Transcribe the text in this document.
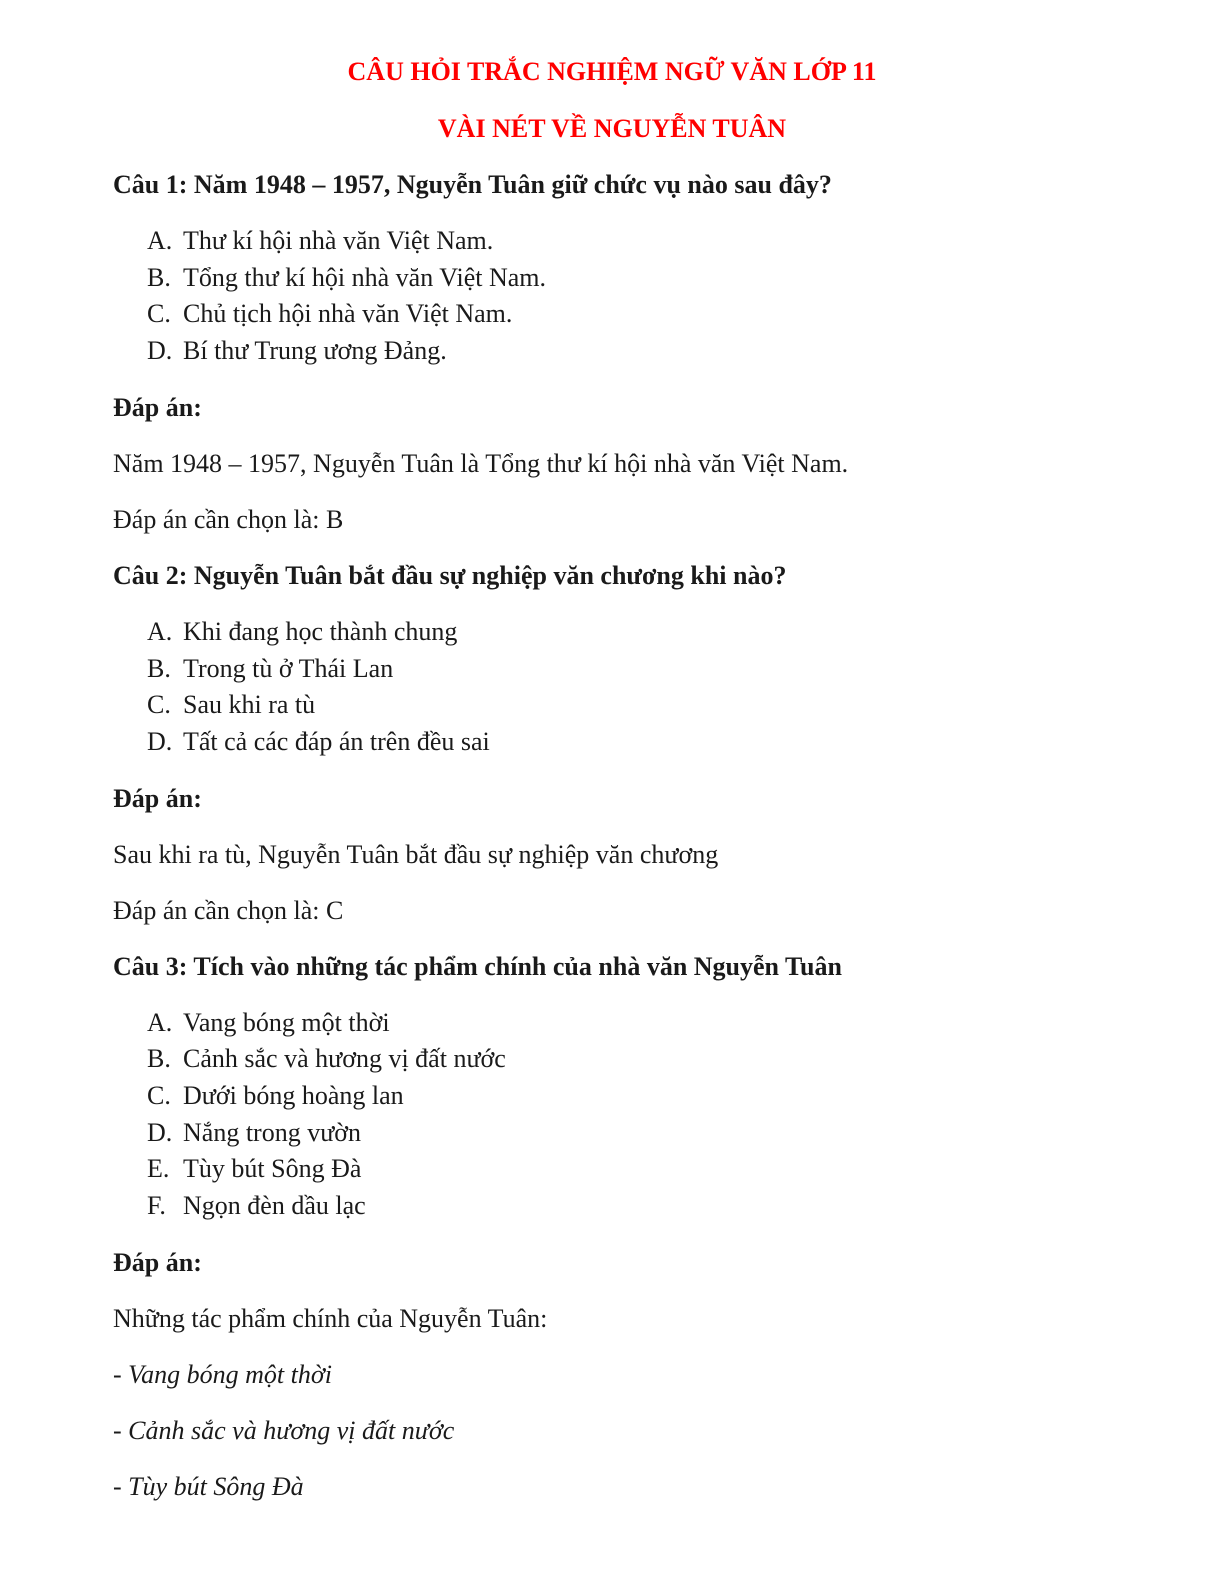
CÂU HỎI TRẮC NGHIỆM NGỮ VĂN LỚP 11
VÀI NÉT VỀ NGUYỄN TUÂN

Câu 1: Năm 1948 – 1957, Nguyễn Tuân giữ chức vụ nào sau đây?

A. Thư kí hội nhà văn Việt Nam.
B. Tổng thư kí hội nhà văn Việt Nam.
C. Chủ tịch hội nhà văn Việt Nam.
D. Bí thư Trung ương Đảng.

Đáp án:

Năm 1948 – 1957, Nguyễn Tuân là Tổng thư kí hội nhà văn Việt Nam.

Đáp án cần chọn là: B

Câu 2: Nguyễn Tuân bắt đầu sự nghiệp văn chương khi nào?

A. Khi đang học thành chung
B. Trong tù ở Thái Lan
C. Sau khi ra tù
D. Tất cả các đáp án trên đều sai

Đáp án:

Sau khi ra tù, Nguyễn Tuân bắt đầu sự nghiệp văn chương

Đáp án cần chọn là: C

Câu 3: Tích vào những tác phẩm chính của nhà văn Nguyễn Tuân

A. Vang bóng một thời
B. Cảnh sắc và hương vị đất nước
C. Dưới bóng hoàng lan
D. Nắng trong vườn
E. Tùy bút Sông Đà
F. Ngọn đèn dầu lạc

Đáp án:

Những tác phẩm chính của Nguyễn Tuân:

- Vang bóng một thời

- Cảnh sắc và hương vị đất nước

- Tùy bút Sông Đà
